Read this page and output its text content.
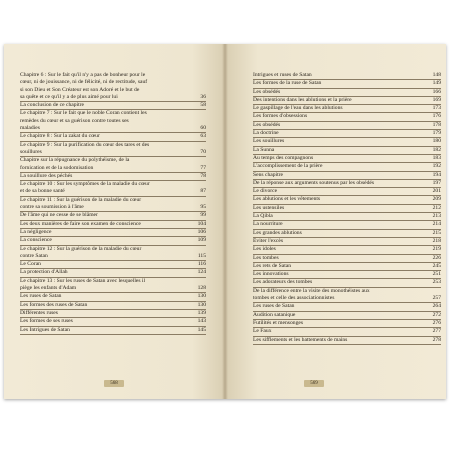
Chapitre 6 : Sur le fait qu'il n'y a pas de bonheur pour le
cœur, ni de jouissance, ni de félicité, ni de rectitude, sauf
si son Dieu et Son Créateur est son Adoré et le but de
sa quête et ce qu'il y a de plus aimé pour lui	36
La conclusion de ce chapitre	58
Le chapitre 7 : Sur le fait que le noble Coran contient les
remèdes du cœur et sa guérison contre toutes ses
maladies	60
Le chapitre 8 : Sur la zakat du cœur	63
Le chapitre 9 : Sur la purification du cœur des tares et des
souillures	70
Chapitre sur la répugnance du polythéisme, de la
fornication et de la sodomisation	77
La souillure des péchés	78
Le chapitre 10 : Sur les symptômes de la maladie du cœur
et de sa bonne santé	87
Le chapitre 11 : Sur la guérison de la maladie du cœur
contre sa soumission à l'âme	95
De l'âme qui ne cesse de se blâmer	99
Les deux manières de faire son examen de conscience	104
La négligence	106
La conscience	109
Le chapitre 12 : Sur la guérison de la maladie du cœur
contre Satan	115
Le Coran	116
La protection d'Allah	124
Le chapitre 13 : Sur les ruses de Satan avec lesquelles il
piège les enfants d'Adam	128
Les ruses de Satan	130
Les formes des ruses de Satan	130
Différentes ruses	139
Les formes de ses ruses	143
Les Intrigues de Satan	145
568
Intrigues et ruses de Satan	148
Les formes de la ruse de Satan	149
Les obsédés	166
Des intentions dans les ablutions et la prière	169
Le gaspillage de l'eau dans les ablutions	173
Les formes d'obsessions	176
Les obsédés	178
La doctrine	179
Les souillures	180
La Sunna	182
Au temps des compagnons	183
L'accomplissement de la prière	192
Sens chapitre	194
De la réponse aux arguments soutenus par les obsédés	197
Le divorce	201
Les ablutions et les vêtements	209
Les ustensiles	212
La Qibla	213
La nourriture	214
Les grandes ablutions	215
Éviter l'excès	218
Les idoles	219
Les tombes	226
Les rets de Satan	245
Les innovations	251
Les adorateurs des tombes	253
De la différence entre la visite des monothéistes aux
tombes et celle des associationnistes	257
Les ruses de Satan	264
Audition satanique	272
Futilités et mensonges	276
Le Faux	277
Les sifflements et les battements de mains	278
569
